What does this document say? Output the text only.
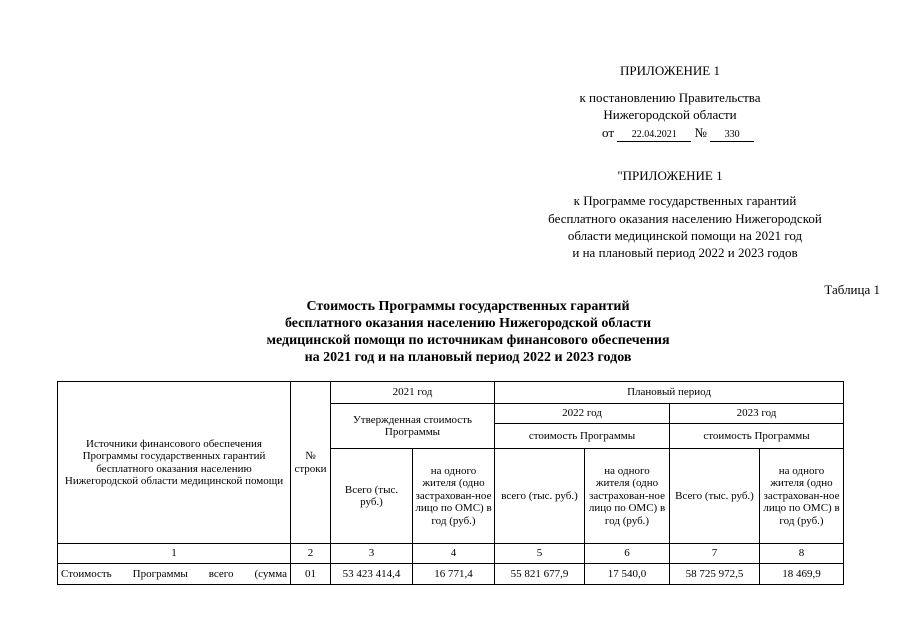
ПРИЛОЖЕНИЕ 1
к постановлению Правительства
Нижегородской области
от 22.04.2021 № 330
"ПРИЛОЖЕНИЕ 1
к Программе государственных гарантий
бесплатного оказания населению Нижегородской
области медицинской помощи на 2021 год
и на плановый период 2022 и 2023 годов
Таблица 1
Стоимость Программы государственных гарантий
бесплатного оказания населению Нижегородской области
медицинской помощи по источникам финансового обеспечения
на 2021 год и на плановый период 2022 и 2023 годов
Источники финансового обеспечения Программы государственных гарантий бесплатного оказания населению Нижегородской области медицинской помощи	№ строки	2021 год		Плановый период			
		Утвержденная стоимость Программы		2022 год		2023 год	
				стоимость Программы		стоимость Программы	
		Всего (тыс. руб.)	на одного жителя (одно застрахован-ное лицо по ОМС) в год (руб.)	всего (тыс. руб.)	на одного жителя (одно застрахован-ное лицо по ОМС) в год (руб.)	Всего (тыс. руб.)	на одного жителя (одно застрахован-ное лицо по ОМС) в год (руб.)
1	2	3	4	5	6	7	8
Стоимость Программы всего (сумма	01	53 423 414,4	16 771,4	55 821 677,9	17 540,0	58 725 972,5	18 469,9
